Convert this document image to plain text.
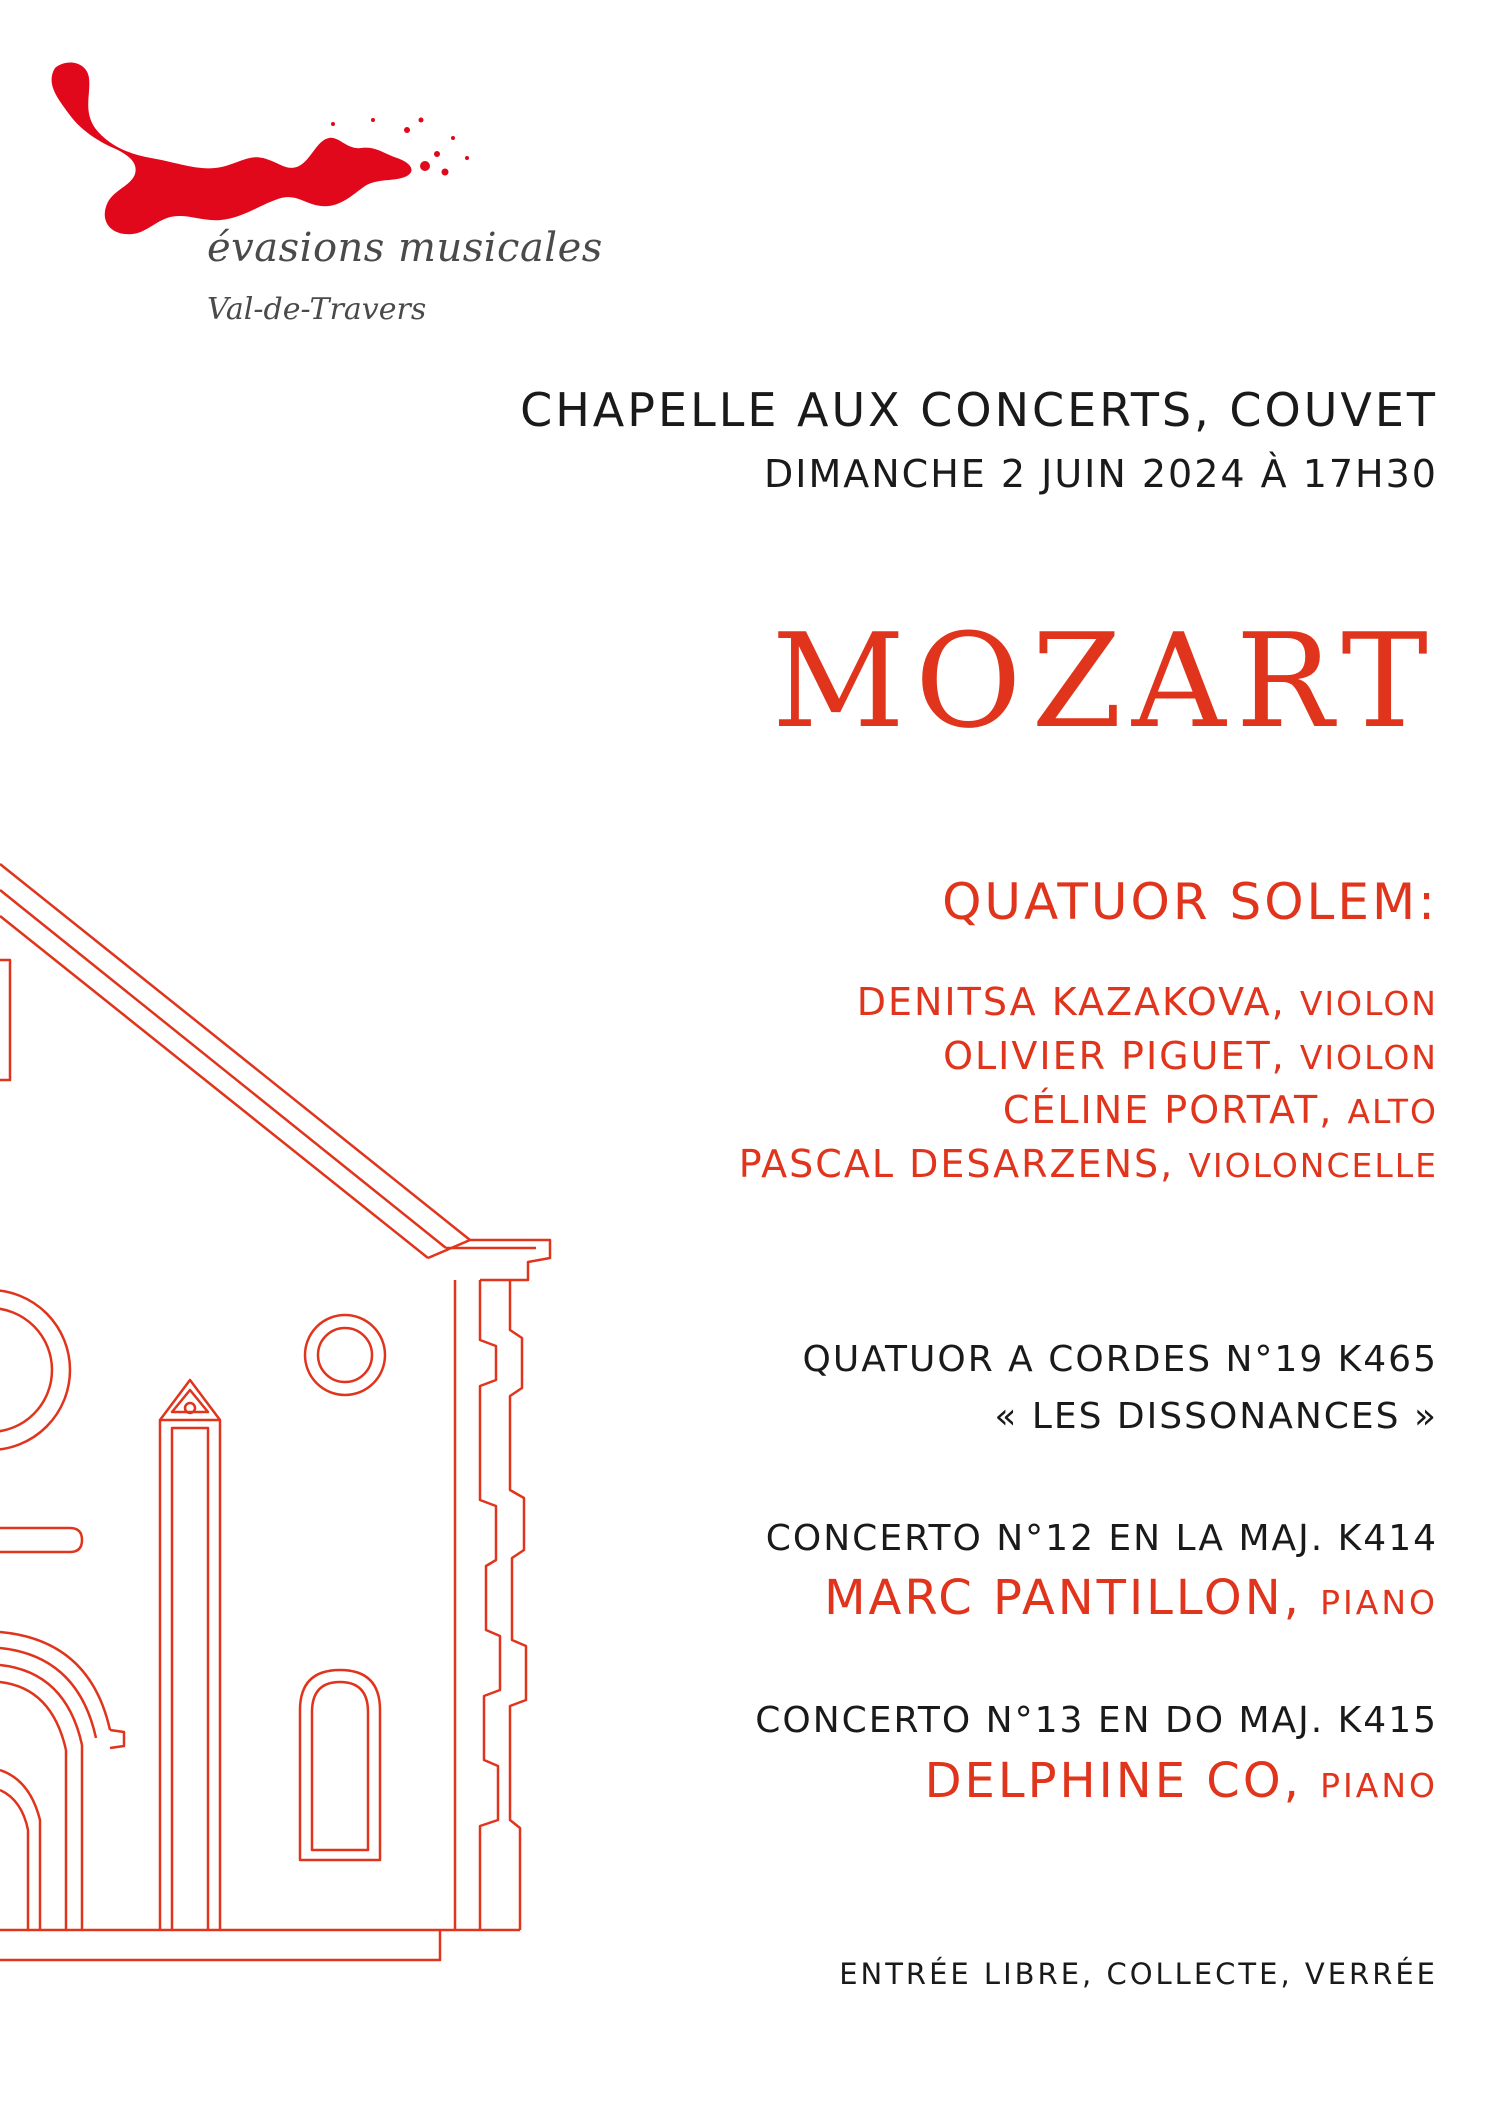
évasions musicales
Val-de-Travers
CHAPELLE AUX CONCERTS, COUVET
DIMANCHE 2 JUIN 2024 À 17H30
MOZART
QUATUOR SOLEM:
DENITSA KAZAKOVA, VIOLON
OLIVIER PIGUET, VIOLON
CÉLINE PORTAT, ALTO
PASCAL DESARZENS, VIOLONCELLE
QUATUOR A CORDES N°19 K465
« LES DISSONANCES »
CONCERTO N°12 EN LA MAJ. K414
MARC PANTILLON, PIANO
CONCERTO N°13 EN DO MAJ. K415
DELPHINE CO, PIANO
ENTRÉE LIBRE, COLLECTE, VERRÉE
